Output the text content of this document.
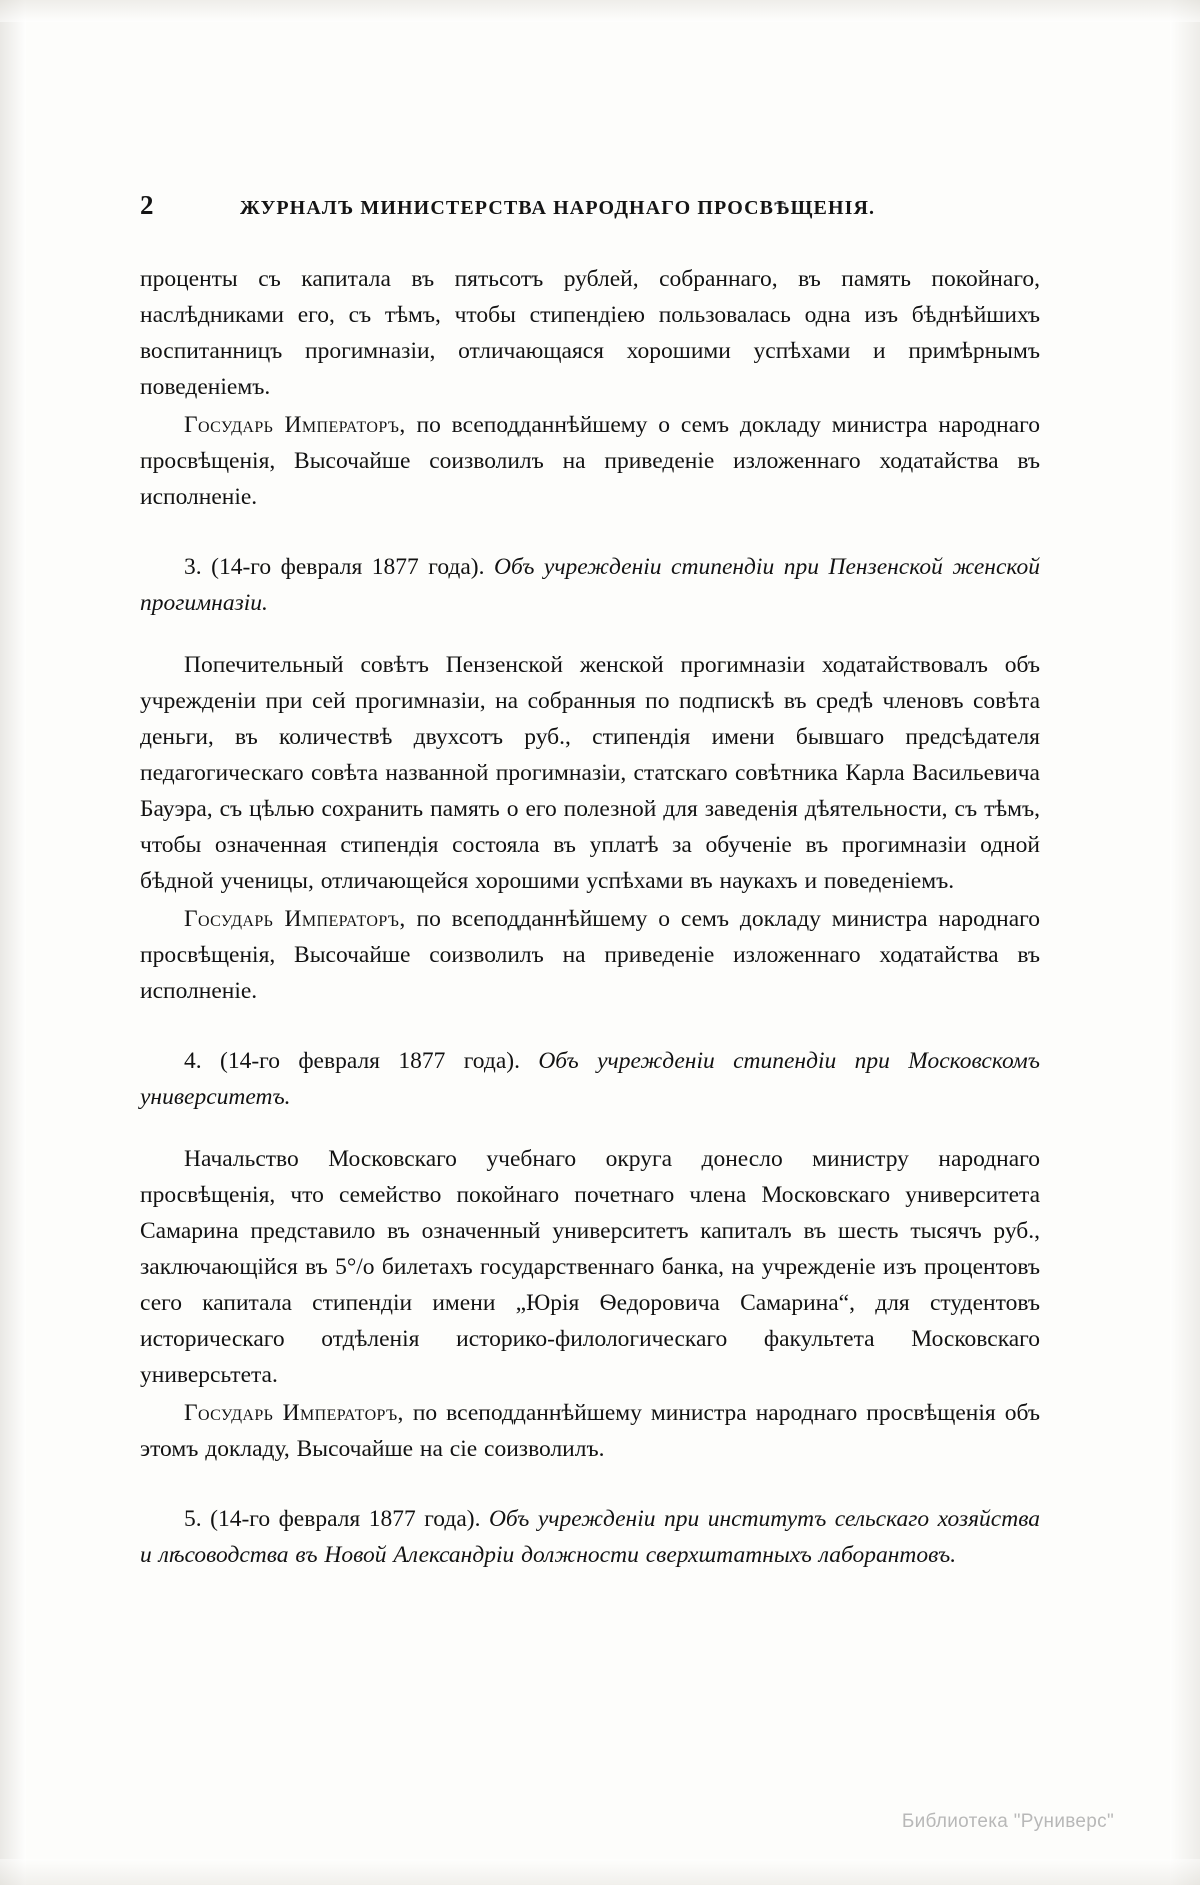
2	ЖУРНАЛЪ МИНИСТЕРСТВА НАРОДНАГО ПРОСВѢЩЕНІЯ.

проценты съ капитала въ пятьсотъ рублей, собраннаго, въ память покойнаго, наслѣдниками его, съ тѣмъ, чтобы стипендіею пользовалась одна изъ бѣднѣйшихъ воспитанницъ прогимназіи, отличающаяся хорошими успѣхами и примѣрнымъ поведеніемъ.

Государь Императоръ, по всеподданнѣйшему о семъ докладу министра народнаго просвѣщенія, Высочайше соизволилъ на приведеніе изложеннаго ходатайства въ исполненіе.

3. (14-го февраля 1877 года). Объ учрежденіи стипендіи при Пензенской женской прогимназіи.

Попечительный совѣтъ Пензенской женской прогимназіи ходатайствовалъ объ учрежденіи при сей прогимназіи, на собранныя по подпискѣ въ средѣ членовъ совѣта деньги, въ количествѣ двухсотъ руб., стипендія имени бывшаго предсѣдателя педагогическаго совѣта названной прогимназіи, статскаго совѣтника Карла Васильевича Бауэра, съ цѣлью сохранить память о его полезной для заведенія дѣятельности, съ тѣмъ, чтобы означенная стипендія состояла въ уплатѣ за обученіе въ прогимназіи одной бѣдной ученицы, отличающейся хорошими успѣхами въ наукахъ и поведеніемъ.

Государь Императоръ, по всеподданнѣйшему о семъ докладу министра народнаго просвѣщенія, Высочайше соизволилъ на приведеніе изложеннаго ходатайства въ исполненіе.

4. (14-го февраля 1877 года). Объ учрежденіи стипендіи при Московскомъ университетъ.

Начальство Московскаго учебнаго округа донесло министру народнаго просвѣщенія, что семейство покойнаго почетнаго члена Московскаго университета Самарина представило въ означенный университетъ капиталъ въ шесть тысячъ руб., заключающійся въ 5°/о билетахъ государственнаго банка, на учрежденіе изъ процентовъ сего капитала стипендіи имени „Юрія Ѳедоровича Самарина“, для студентовъ историческаго отдѣленія историко-филологическаго факультета Московскаго универсьтета.

Государь Императоръ, по всеподданнѣйшему министра народнаго просвѣщенія объ этомъ докладу, Высочайше на сіе соизволилъ.

5. (14-го февраля 1877 года). Объ учрежденіи при институтъ сельскаго хозяйства и лѣсоводства въ Новой Александріи должности сверхштатныхъ лаборантовъ.

Библиотека "Руниверс"
